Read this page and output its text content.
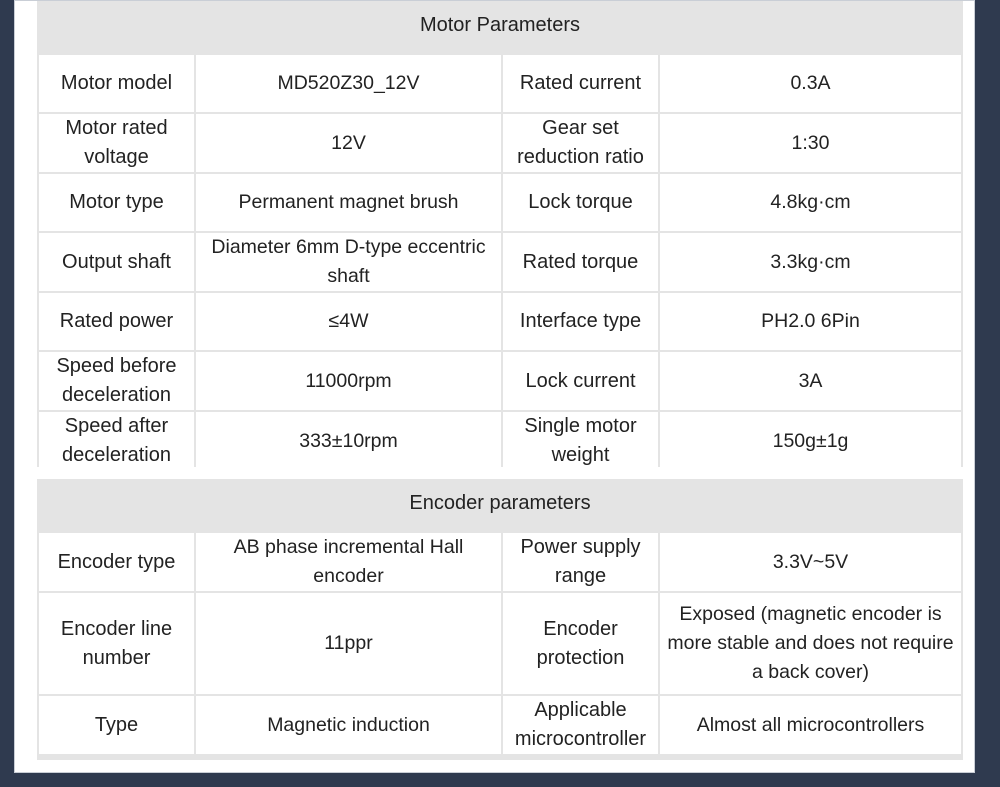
Motor Parameters
Motor model	MD520Z30_12V	Rated current	0.3A
Motor rated voltage	12V	Gear set reduction ratio	1:30
Motor type	Permanent magnet brush	Lock torque	4.8kg·cm
Output shaft	Diameter 6mm D-type eccentric shaft	Rated torque	3.3kg·cm
Rated power	≤4W	Interface type	PH2.0 6Pin
Speed before deceleration	11000rpm	Lock current	3A
Speed after deceleration	333±10rpm	Single motor weight	150g±1g
Encoder parameters
Encoder type	AB phase incremental Hall encoder	Power supply range	3.3V~5V
Encoder line number	11ppr	Encoder protection	Exposed (magnetic encoder is more stable and does not require a back cover)
Type	Magnetic induction	Applicable microcontroller	Almost all microcontrollers
